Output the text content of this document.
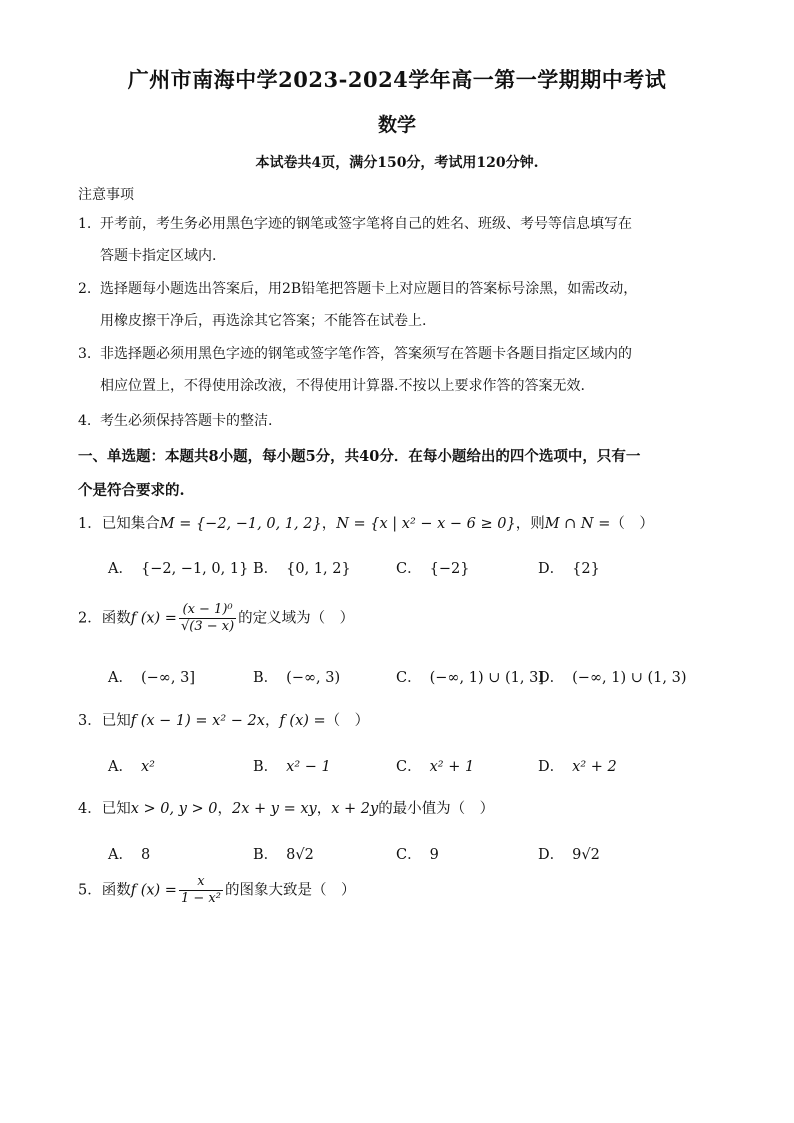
广州市南海中学2023-2024学年高一第一学期期中考试
数学
本试卷共4页，满分150分，考试用120分钟.
注意事项
1. 开考前，考生务必用黑色字迹的钢笔或签字笔将自己的姓名、班级、考号等信息填写在
答题卡指定区域内.
2. 选择题每小题选出答案后，用2B铅笔把答题卡上对应题目的答案标号涂黑，如需改动，
用橡皮擦干净后，再选涂其它答案；不能答在试卷上.
3. 非选择题必须用黑色字迹的钢笔或签字笔作答，答案须写在答题卡各题目指定区域内的
相应位置上，不得使用涂改液，不得使用计算器.不按以上要求作答的答案无效.
4. 考生必须保持答题卡的整洁.
一、单选题：本题共8小题，每小题5分，共40分．在每小题给出的四个选项中，只有一
个是符合要求的.
1．已知集合M = {−2, −1, 0, 1, 2}，N = {x | x² − x − 6 ≥ 0}，则M ∩ N =（　）
A． {−2, −1, 0, 1} B． {0, 1, 2}	C． {−2}	D． {2}
2．函数f $(x) = \frac{\text{(x − 1)⁰}}{√(3 - x)}$ 的定义域为（　）
A． (−∞, 3]	B． (−∞, 3)	C． (−∞, 1) ∪ (1, 3]
D． (−∞, 1) ∪ (1, 3)
3．已知f (x − 1) = x² − 2x，f (x) =（　）
A． x²	B． x² − 1	C． x² + 1	D． x² + 2
4．已知x > 0, y > 0，2x + y = xy，x + 2y的最小值为（　）
A． 8	B． 8√2	C． 9	D． 9√2
5．函数f $(x) = \frac{x}{\text{1 − x²}}$ 的图象大致是（　）
